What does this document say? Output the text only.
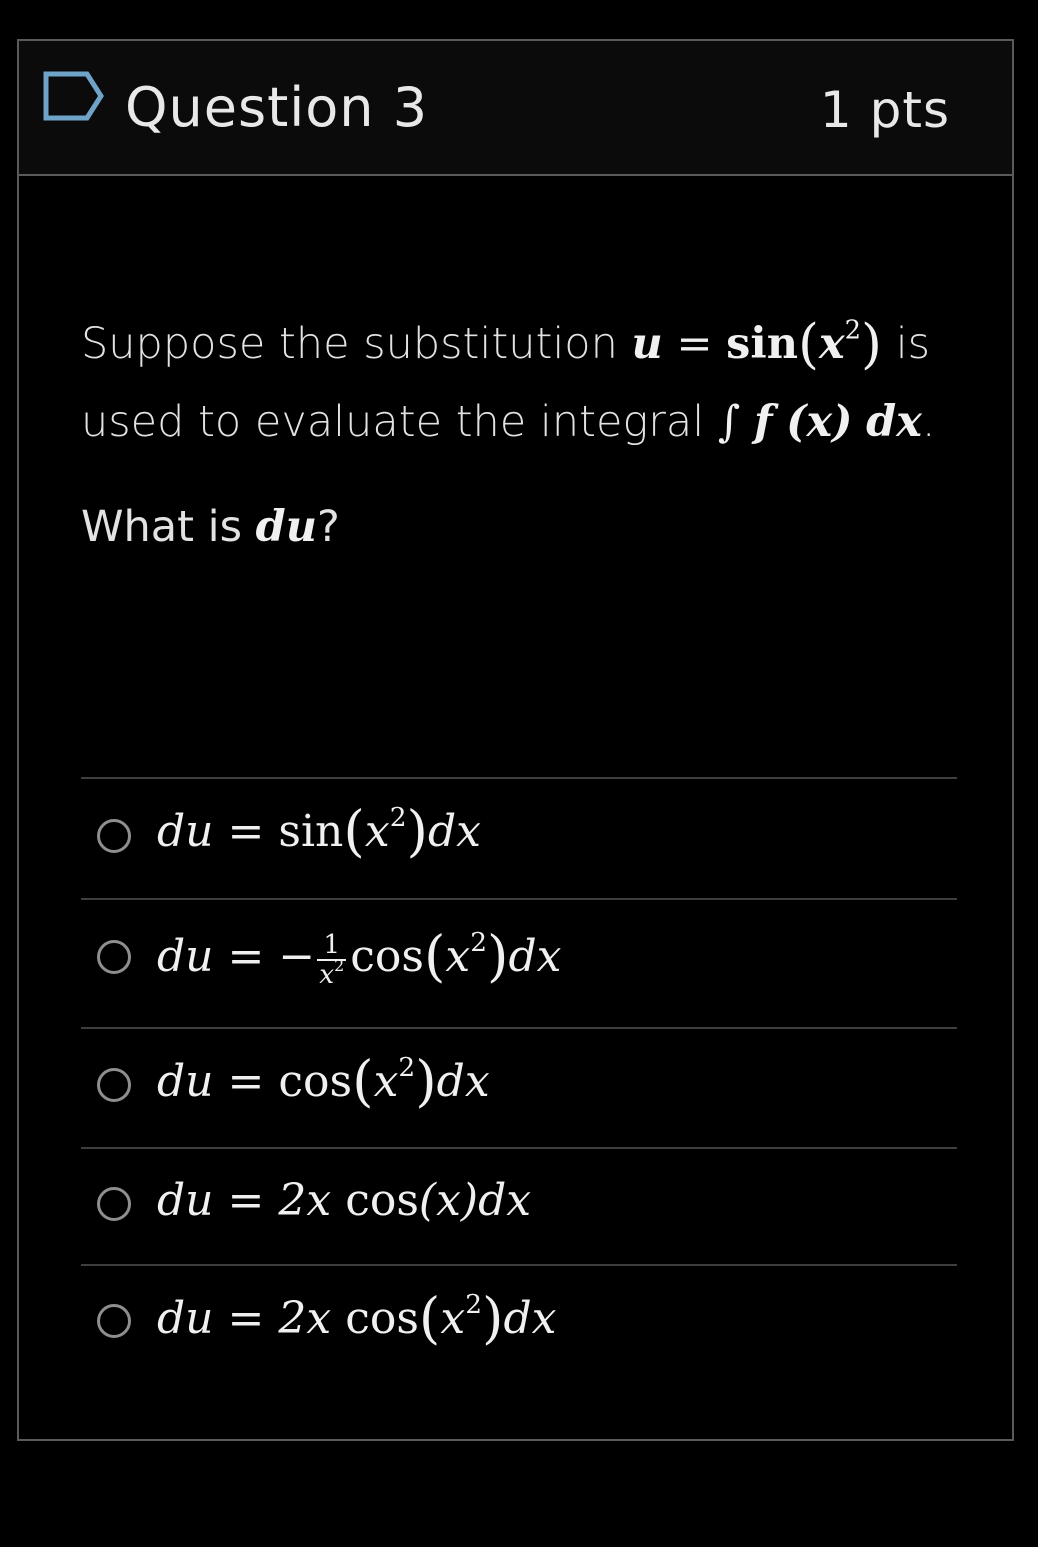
Question 3	1 pts
Suppose the substitution $u = \sin(x^2)$ is
used to evaluate the integral ∫ f (x) dx.
What is du?
du = $\sin(x^2)dx$
du = − $\frac{1}{x^2} \cos(x^2)dx$
du = $\cos(x^2)dx$
du = 2x cos(x)dx
du = 2x $\cos(x^2)dx$
